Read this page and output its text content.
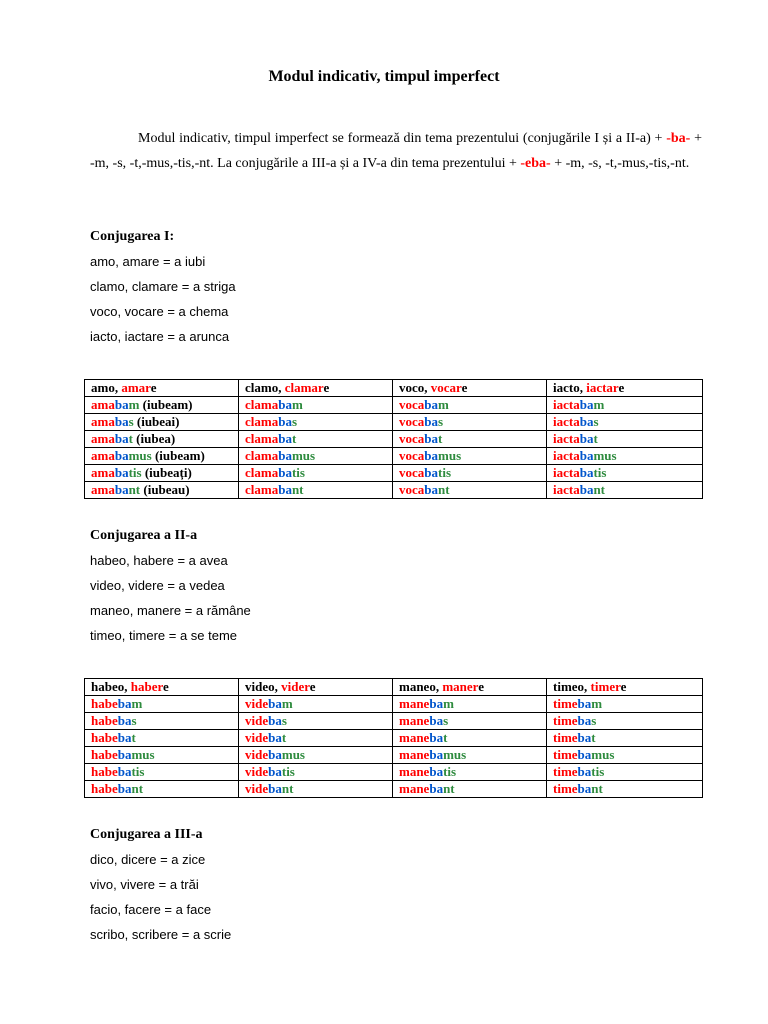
Modul indicativ, timpul imperfect
Modul indicativ, timpul imperfect se formează din tema prezentului (conjugările I și a II-a) + -ba- + -m, -s, -t,-mus,-tis,-nt. La conjugările a III-a și a IV-a din tema prezentului + -eba- + -m, -s, -t,-mus,-tis,-nt.
Conjugarea I:
amo, amare = a iubi
clamo, clamare = a striga
voco, vocare = a chema
iacto, iactare = a arunca
amo, amare	clamo, clamare	voco, vocare	iacto, iactare
amabam (iubeam)	clamabam	vocabam	iactabam
amabas (iubeai)	clamabas	vocabas	iactabas
amabat (iubea)	clamabat	vocabat	iactabat
amabamus (iubeam)	clamabamus	vocabamus	iactabamus
amabatis (iubeați)	clamabatis	vocabatis	iactabatis
amabant (iubeau)	clamabant	vocabant	iactabant
Conjugarea a II-a
habeo, habere = a avea
video, videre = a vedea
maneo, manere = a rămâne
timeo, timere = a se teme
habeo, habere	video, videre	maneo, manere	timeo, timere
habebam	videbam	manebam	timebam
habebas	videbas	manebas	timebas
habebat	videbat	manebat	timebat
habebamus	videbamus	manebamus	timebamus
habebatis	videbatis	manebatis	timebatis
habebant	videbant	manebant	timebant
Conjugarea a III-a
dico, dicere = a zice
vivo, vivere = a trăi
facio, facere = a face
scribo, scribere = a scrie
